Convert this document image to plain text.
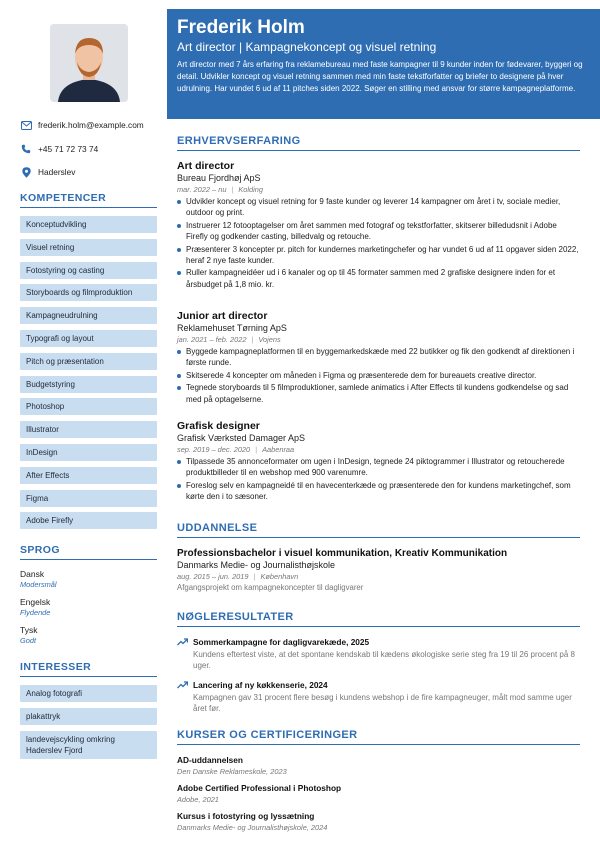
frederik.holm@example.com
+45 71 72 73 74
Haderslev
KOMPETENCER
Konceptudvikling
Visuel retning
Fotostyring og casting
Storyboards og filmproduktion
Kampagneudrulning
Typografi og layout
Pitch og præsentation
Budgetstyring
Photoshop
Illustrator
InDesign
After Effects
Figma
Adobe Firefly
SPROG
Dansk
Modersmål
Engelsk
Flydende
Tysk
Godt
INTERESSER
Analog fotografi
plakattryk
landevejscykling omkring Haderslev Fjord
Frederik Holm
Art director | Kampagnekoncept og visuel retning
Art director med 7 års erfaring fra reklamebureau med faste kampagner til 9 kunder inden for fødevarer, byggeri og detail. Udvikler koncept og visuel retning sammen med min faste tekstforfatter og briefer to designere på hver udrulning. Har vundet 6 ud af 11 pitches siden 2022. Søger en stilling med ansvar for større kampagneplatforme.
ERHVERVSERFARING
Art director
Bureau Fjordhøj ApS
mar. 2022 – nu | Kolding
Udvikler koncept og visuel retning for 9 faste kunder og leverer 14 kampagner om året i tv, sociale medier, outdoor og print.
Instruerer 12 fotooptagelser om året sammen med fotograf og tekstforfatter, skitserer billedudsnit i Adobe Firefly og godkender casting, billedvalg og retouche.
Præsenterer 3 koncepter pr. pitch for kundernes marketingchefer og har vundet 6 ud af 11 opgaver siden 2022, heraf 2 nye faste kunder.
Ruller kampagneidéer ud i 6 kanaler og op til 45 formater sammen med 2 grafiske designere inden for et årsbudget på 1,8 mio. kr.
Junior art director
Reklamehuset Tørning ApS
jan. 2021 – feb. 2022 | Vojens
Byggede kampagneplatformen til en byggemarkedskæde med 22 butikker og fik den godkendt af direktionen i første runde.
Skitserede 4 koncepter om måneden i Figma og præsenterede dem for bureauets creative director.
Tegnede storyboards til 5 filmproduktioner, samlede animatics i After Effects til kundens godkendelse og sad med på optagelserne.
Grafisk designer
Grafisk Værksted Damager ApS
sep. 2019 – dec. 2020 | Aabenraa
Tilpassede 35 annonceformater om ugen i InDesign, tegnede 24 piktogrammer i Illustrator og retoucherede produktbilleder til en webshop med 900 varenumre.
Foreslog selv en kampagneidé til en havecenterkæde og præsenterede den for kundens marketingchef, som kørte den i to sæsoner.
UDDANNELSE
Professionsbachelor i visuel kommunikation, Kreativ Kommunikation
Danmarks Medie- og Journalisthøjskole
aug. 2015 – jun. 2019 | København
Afgangsprojekt om kampagnekoncepter til dagligvarer
NØGLERESULTATER
Sommerkampagne for dagligvarekæde, 2025
Kundens eftertest viste, at det spontane kendskab til kædens økologiske serie steg fra 19 til 26 procent på 8 uger.
Lancering af ny køkkenserie, 2024
Kampagnen gav 31 procent flere besøg i kundens webshop i de fire kampagneuger, målt mod samme uger året før.
KURSER OG CERTIFICERINGER
AD-uddannelsen
Den Danske Reklameskole, 2023
Adobe Certified Professional i Photoshop
Adobe, 2021
Kursus i fotostyring og lyssætning
Danmarks Medie- og Journalisthøjskole, 2024
